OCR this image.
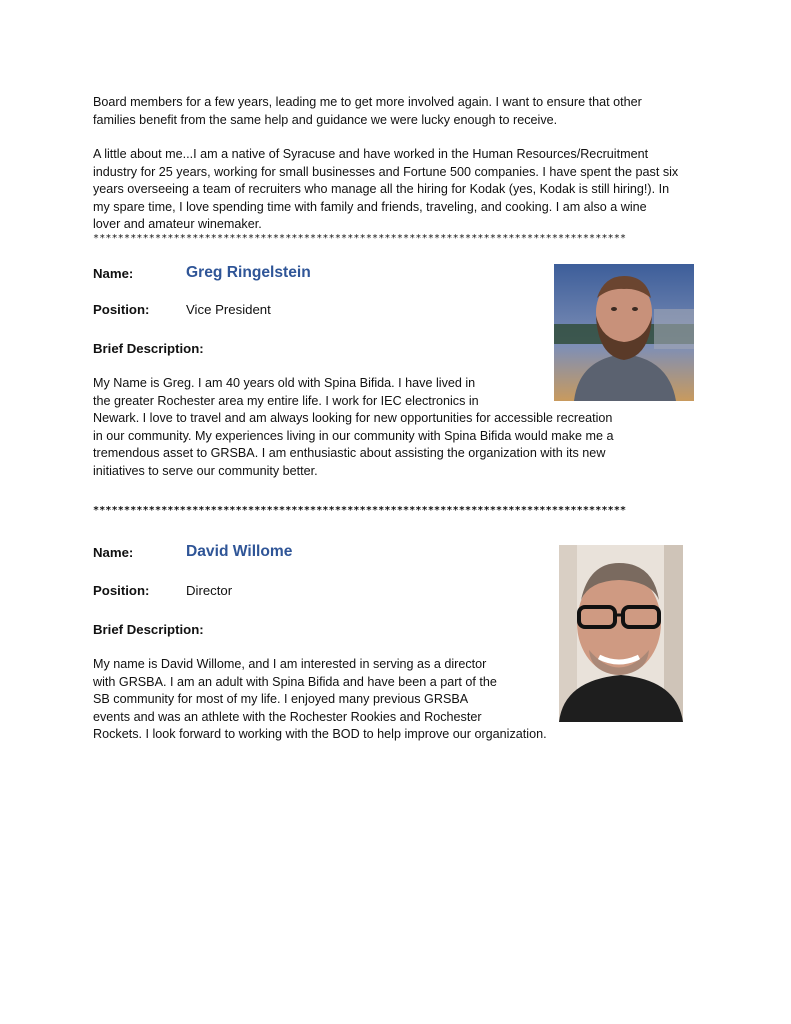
Board members for a few years, leading me to get more involved again. I want to ensure that other
families benefit from the same help and guidance we were lucky enough to receive.

A little about me...I am a native of Syracuse and have worked in the Human Resources/Recruitment
industry for 25 years, working for small businesses and Fortune 500 companies. I have spent the past six
years overseeing a team of recruiters who manage all the hiring for Kodak (yes, Kodak is still hiring!). In
my spare time, I love spending time with family and friends, traveling, and cooking. I am also a wine
lover and amateur winemaker.

**************************************************************************************
Name:	Greg Ringelstein
Position:	Vice President
Brief Description:

My Name is Greg. I am 40 years old with Spina Bifida. I have lived in
the greater Rochester area my entire life. I work for IEC electronics in
Newark. I love to travel and am always looking for new opportunities for accessible recreation
in our community. My experiences living in our community with Spina Bifida would make me a
tremendous asset to GRSBA. I am enthusiastic about assisting the organization with its new
initiatives to serve our community better.

**************************************************************************************
Name:	David Willome
Position:	Director
Brief Description:

My name is David Willome, and I am interested in serving as a director
with GRSBA. I am an adult with Spina Bifida and have been a part of the
SB community for most of my life. I enjoyed many previous GRSBA
events and was an athlete with the Rochester Rookies and Rochester
Rockets. I look forward to working with the BOD to help improve our organization.
